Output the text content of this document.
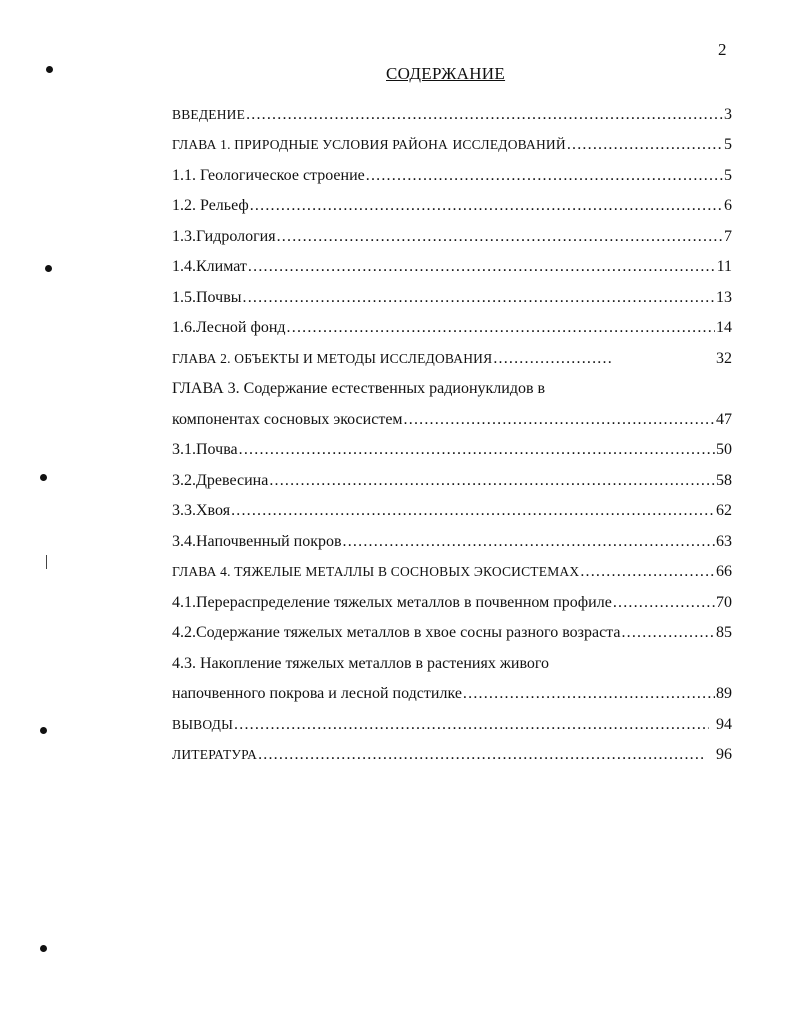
2
СОДЕРЖАНИЕ
ВВЕДЕНИЕ .....	3
ГЛАВА 1. ПРИРОДНЫЕ УСЛОВИЯ РАЙОНА ИССЛЕДОВАНИЙ .....	5
1.1. Геологическое строение .....	5
1.2. Рельеф .....	6
1.3. Гидрология .....	7
1.4. Климат .....	11
1.5. Почвы .....	13
1.6. Лесной фонд .....	14
ГЛАВА 2. ОБЪЕКТЫ И МЕТОДЫ ИССЛЕДОВАНИЯ .....	32
ГЛАВА 3. Содержание естественных радионуклидов в
компонентах сосновых экосистем .....	47
3.1. Почва .....	50
3.2. Древесина .....	58
3.3. Хвоя .....	62
3.4. Напочвенный покров .....	63
ГЛАВА 4. ТЯЖЕЛЫЕ МЕТАЛЛЫ В СОСНОВЫХ ЭКОСИСТЕМАХ .....	66
4.1.Перераспределение тяжелых металлов в почвенном профиле .....	70
4.2.Содержание тяжелых металлов в хвое сосны разного возраста .....	85
4.3. Накопление тяжелых металлов в растениях живого
напочвенного покрова и лесной подстилке .....	89
ВЫВОДЫ .....	94
ЛИТЕРАТУРА .....	96
